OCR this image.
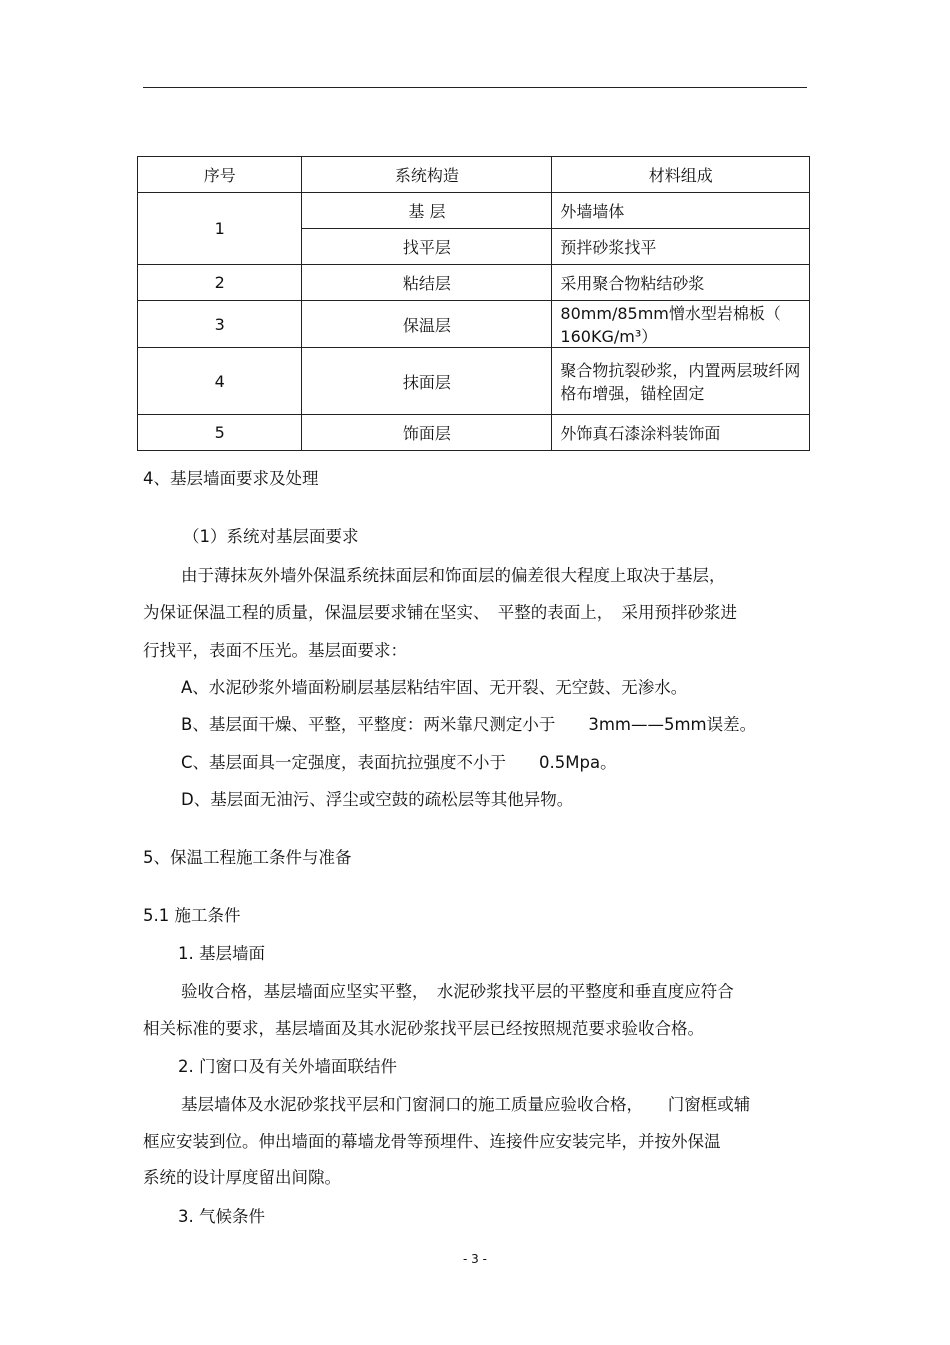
序号	系统构造	材料组成
1	基 层	外墙墙体
	找平层	预拌砂浆找平
2	粘结层	采用聚合物粘结砂浆
3	保温层	80mm/85mm憎水型岩棉板（ 160KG/m³）
4	抹面层	聚合物抗裂砂浆，内置两层玻纤网格布增强，锚栓固定
5	饰面层	外饰真石漆涂料装饰面
4、基层墙面要求及处理
（1）系统对基层面要求
由于薄抹灰外墙外保温系统抹面层和饰面层的偏差很大程度上取决于基层，
为保证保温工程的质量，保温层要求铺在坚实、　平整的表面上，　采用预拌砂浆进
行找平，表面不压光。基层面要求：
A、水泥砂浆外墙面粉刷层基层粘结牢固、无开裂、无空鼓、无渗水。
B、基层面干燥、平整，平整度：两米靠尺测定小于　　3mm——5mm误差。
C、基层面具一定强度，表面抗拉强度不小于　　0.5Mpa。
D、基层面无油污、浮尘或空鼓的疏松层等其他异物。
5、保温工程施工条件与准备
5.1 施工条件
1. 基层墙面
验收合格，基层墙面应坚实平整，　水泥砂浆找平层的平整度和垂直度应符合
相关标准的要求，基层墙面及其水泥砂浆找平层已经按照规范要求验收合格。
2. 门窗口及有关外墙面联结件
基层墙体及水泥砂浆找平层和门窗洞口的施工质量应验收合格，　　门窗框或辅
框应安装到位。伸出墙面的幕墙龙骨等预埋件、连接件应安装完毕，并按外保温
系统的设计厚度留出间隙。
3. 气候条件
- 3 -
